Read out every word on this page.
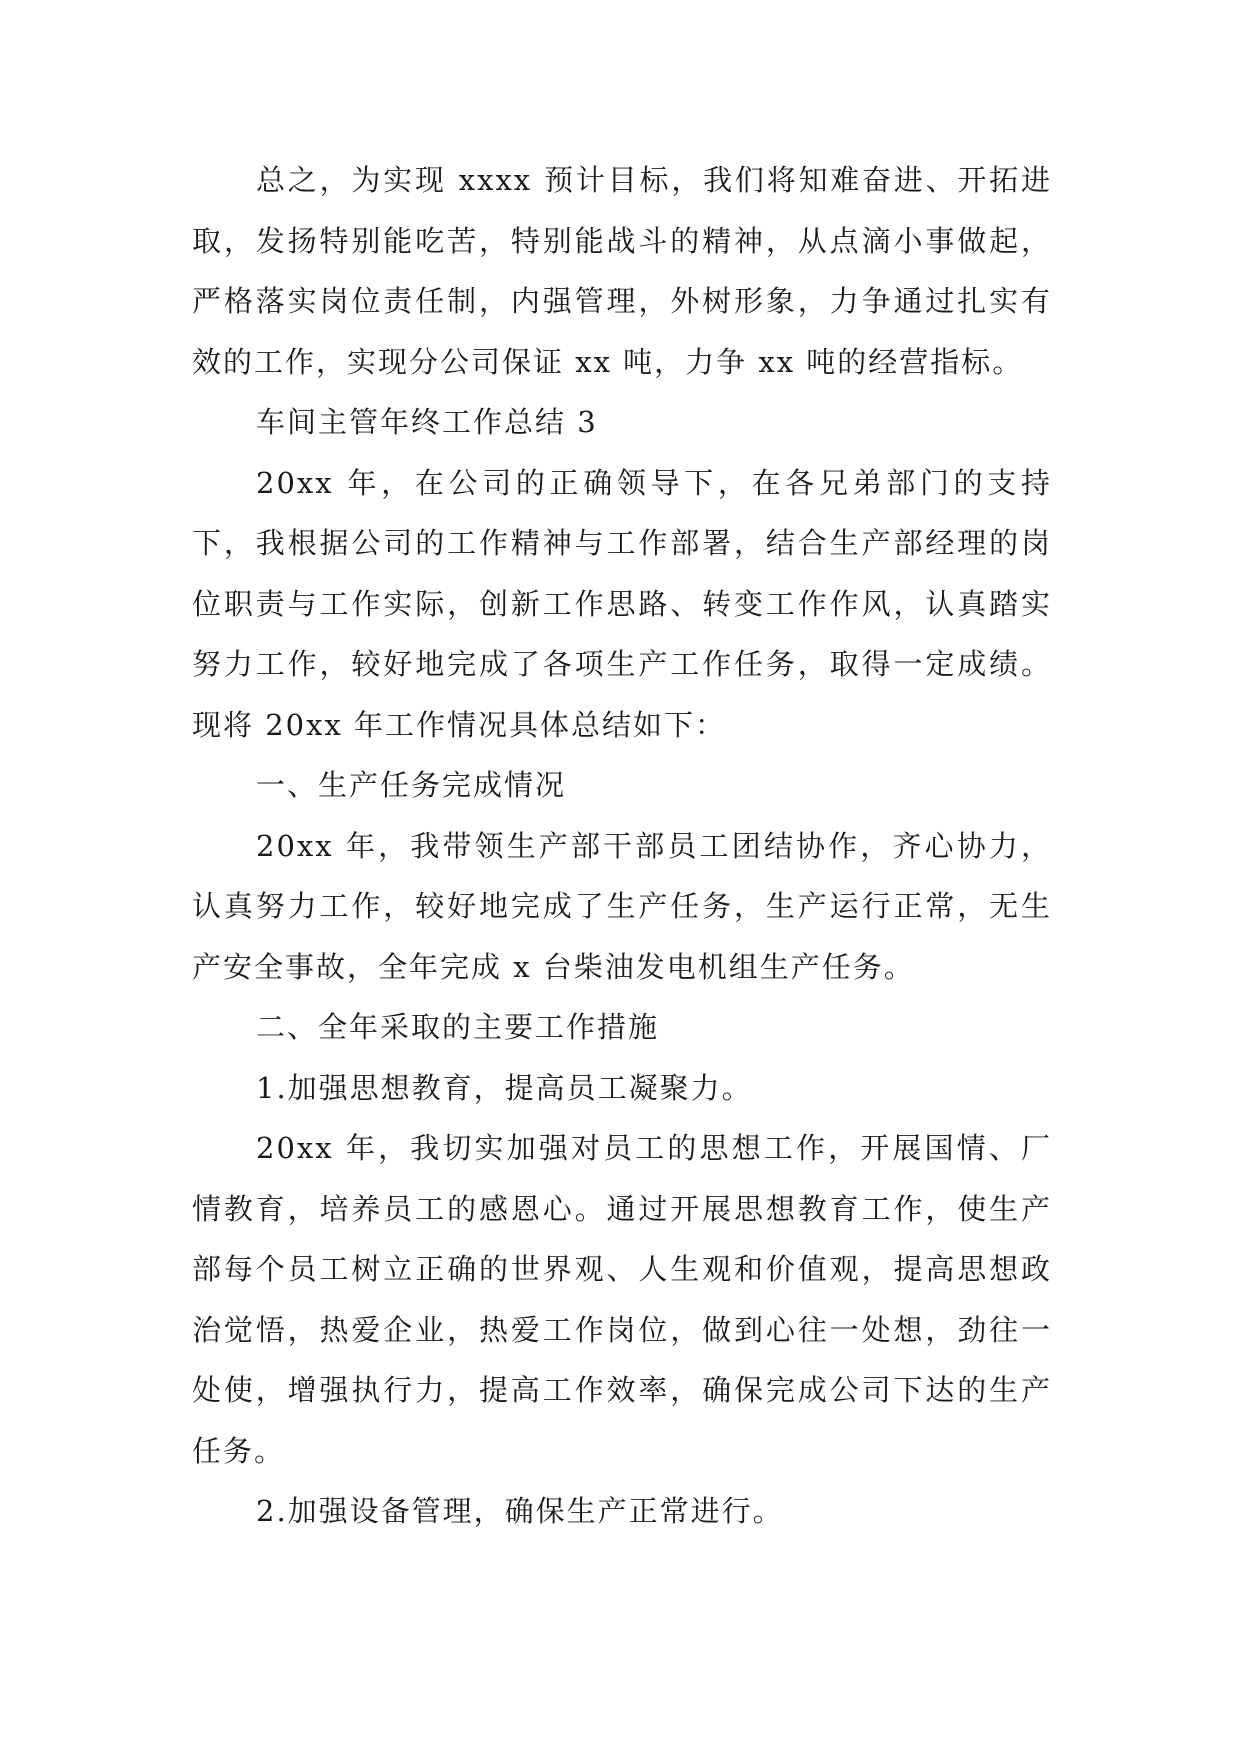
总之，为实现 xxxx 预计目标，我们将知难奋进、开拓进取，发扬特别能吃苦，特别能战斗的精神，从点滴小事做起，严格落实岗位责任制，内强管理，外树形象，力争通过扎实有效的工作，实现分公司保证 xx 吨，力争 xx 吨的经营指标。

车间主管年终工作总结 3

20xx 年，在公司的正确领导下，在各兄弟部门的支持下，我根据公司的工作精神与工作部署，结合生产部经理的岗位职责与工作实际，创新工作思路、转变工作作风，认真踏实努力工作，较好地完成了各项生产工作任务，取得一定成绩。现将 20xx 年工作情况具体总结如下：

一、生产任务完成情况

20xx 年，我带领生产部干部员工团结协作，齐心协力，认真努力工作，较好地完成了生产任务，生产运行正常，无生产安全事故，全年完成 x 台柴油发电机组生产任务。

二、全年采取的主要工作措施

1.加强思想教育，提高员工凝聚力。

20xx 年，我切实加强对员工的思想工作，开展国情、厂情教育，培养员工的感恩心。通过开展思想教育工作，使生产部每个员工树立正确的世界观、人生观和价值观，提高思想政治觉悟，热爱企业，热爱工作岗位，做到心往一处想，劲往一处使，增强执行力，提高工作效率，确保完成公司下达的生产任务。

2.加强设备管理，确保生产正常进行。
